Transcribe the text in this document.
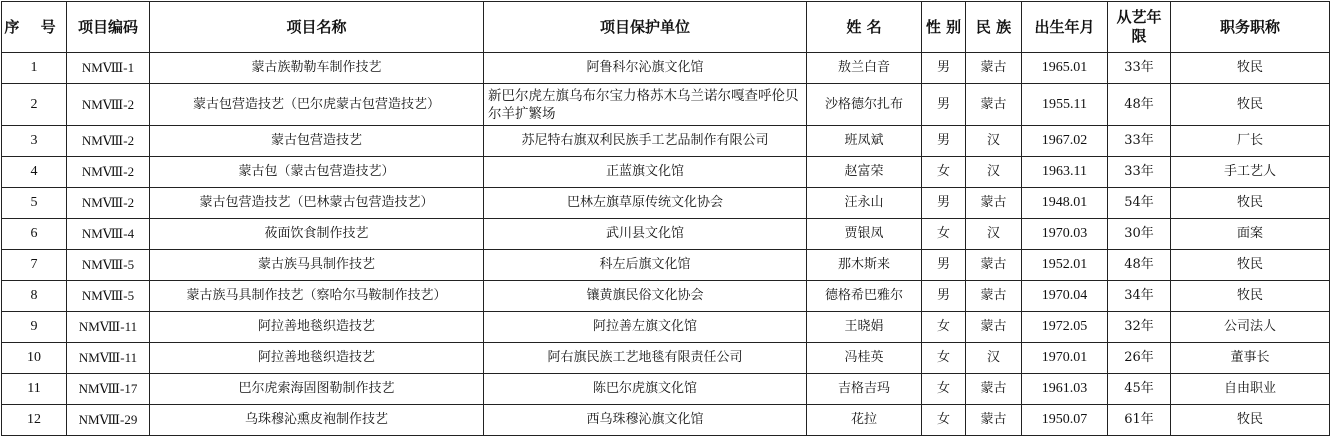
序 号	项目编码	项目名称	项目保护单位	姓 名	性 别	民 族	出生年月	从艺年限	职务职称
1	NMⅧ-1	蒙古族勒勒车制作技艺	阿鲁科尔沁旗文化馆	敖兰白音	男	蒙古	1965.01	33年	牧民
2	NMⅧ-2	蒙古包营造技艺（巴尔虎蒙古包营造技艺）	新巴尔虎左旗乌布尔宝力格苏木乌兰诺尔嘎查呼伦贝尔羊扩繁场	沙格德尔扎布	男	蒙古	1955.11	48年	牧民
3	NMⅧ-2	蒙古包营造技艺	苏尼特右旗双利民族手工艺品制作有限公司	班凤斌	男	汉	1967.02	33年	厂长
4	NMⅧ-2	蒙古包（蒙古包营造技艺）	正蓝旗文化馆	赵富荣	女	汉	1963.11	33年	手工艺人
5	NMⅧ-2	蒙古包营造技艺（巴林蒙古包营造技艺）	巴林左旗草原传统文化协会	汪永山	男	蒙古	1948.01	54年	牧民
6	NMⅧ-4	莜面饮食制作技艺	武川县文化馆	贾银凤	女	汉	1970.03	30年	面案
7	NMⅧ-5	蒙古族马具制作技艺	科左后旗文化馆	那木斯来	男	蒙古	1952.01	48年	牧民
8	NMⅧ-5	蒙古族马具制作技艺（察哈尔马鞍制作技艺）	镶黄旗民俗文化协会	德格希巴雅尔	男	蒙古	1970.04	34年	牧民
9	NMⅧ-11	阿拉善地毯织造技艺	阿拉善左旗文化馆	王晓娟	女	蒙古	1972.05	32年	公司法人
10	NMⅧ-11	阿拉善地毯织造技艺	阿右旗民族工艺地毯有限责任公司	冯桂英	女	汉	1970.01	26年	董事长
11	NMⅧ-17	巴尔虎索海固图勒制作技艺	陈巴尔虎旗文化馆	吉格吉玛	女	蒙古	1961.03	45年	自由职业
12	NMⅧ-29	乌珠穆沁熏皮袍制作技艺	西乌珠穆沁旗文化馆	花拉	女	蒙古	1950.07	61年	牧民
